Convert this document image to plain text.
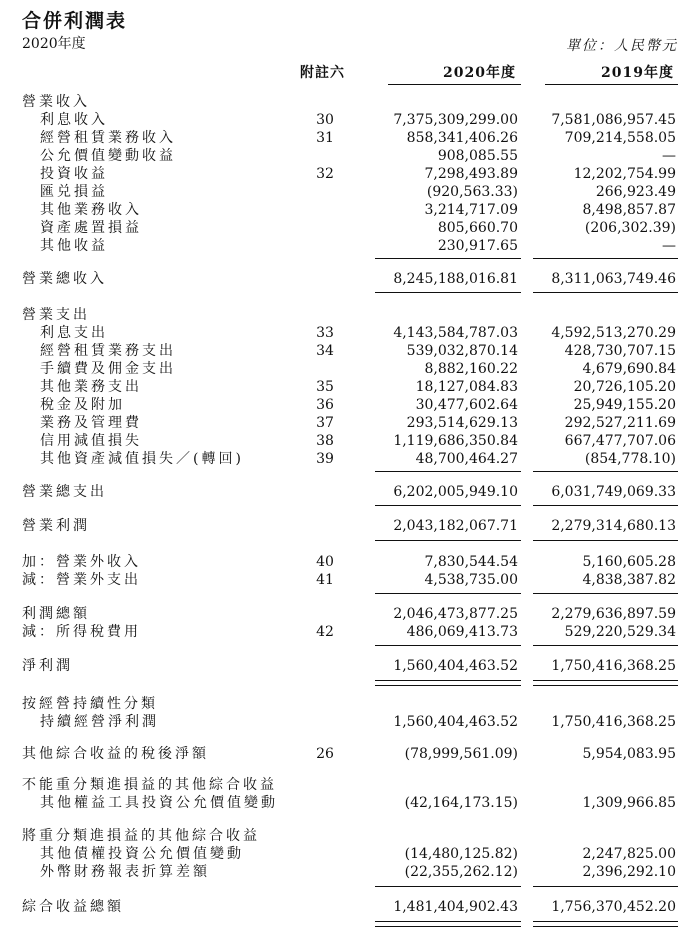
合併利潤表
2020年度	單位：人民幣元
附註六	2020年度	2019年度
營業收入
利息收入	30	7,375,309,299.00 7,581,086,957.45
經營租賃業務收入	31	858,341,406.26	709,214,558.05
公允價值變動收益	908,085.55	—
投資收益	32	7,298,493.89	12,202,754.99
匯兑損益	(920,563.33)	266,923.49
其他業務收入	3,214,717.09	8,498,857.87
資產處置損益	805,660.70	(206,302.39)
其他收益	230,917.65	—
營業總收入	8,245,188,016.81 8,311,063,749.46
營業支出
利息支出	33	4,143,584,787.03 4,592,513,270.29
經營租賃業務支出	34	539,032,870.14	428,730,707.15
手續費及佣金支出	8,882,160.22	4,679,690.84
其他業務支出	35	18,127,084.83	20,726,105.20
稅金及附加	36	30,477,602.64	25,949,155.20
業務及管理費	37	293,514,629.13	292,527,211.69
信用減值損失	38	1,119,686,350.84	667,477,707.06
其他資產減值損失／(轉回)	39	48,700,464.27	(854,778.10)
營業總支出	6,202,005,949.10 6,031,749,069.33
營業利潤	2,043,182,067.71 2,279,314,680.13
加：營業外收入	40	7,830,544.54	5,160,605.28
減：營業外支出	41	4,538,735.00	4,838,387.82
利潤總額	2,046,473,877.25 2,279,636,897.59
減：所得稅費用	42	486,069,413.73	529,220,529.34
淨利潤	1,560,404,463.52 1,750,416,368.25
按經營持續性分類
持續經營淨利潤	1,560,404,463.52 1,750,416,368.25
其他綜合收益的稅後淨額	26	(78,999,561.09)	5,954,083.95
不能重分類進損益的其他綜合收益
其他權益工具投資公允價值變動	(42,164,173.15)	1,309,966.85
將重分類進損益的其他綜合收益
其他債權投資公允價值變動	(14,480,125.82)	2,247,825.00
外幣財務報表折算差額	(22,355,262.12)	2,396,292.10
綜合收益總額	1,481,404,902.43 1,756,370,452.20
